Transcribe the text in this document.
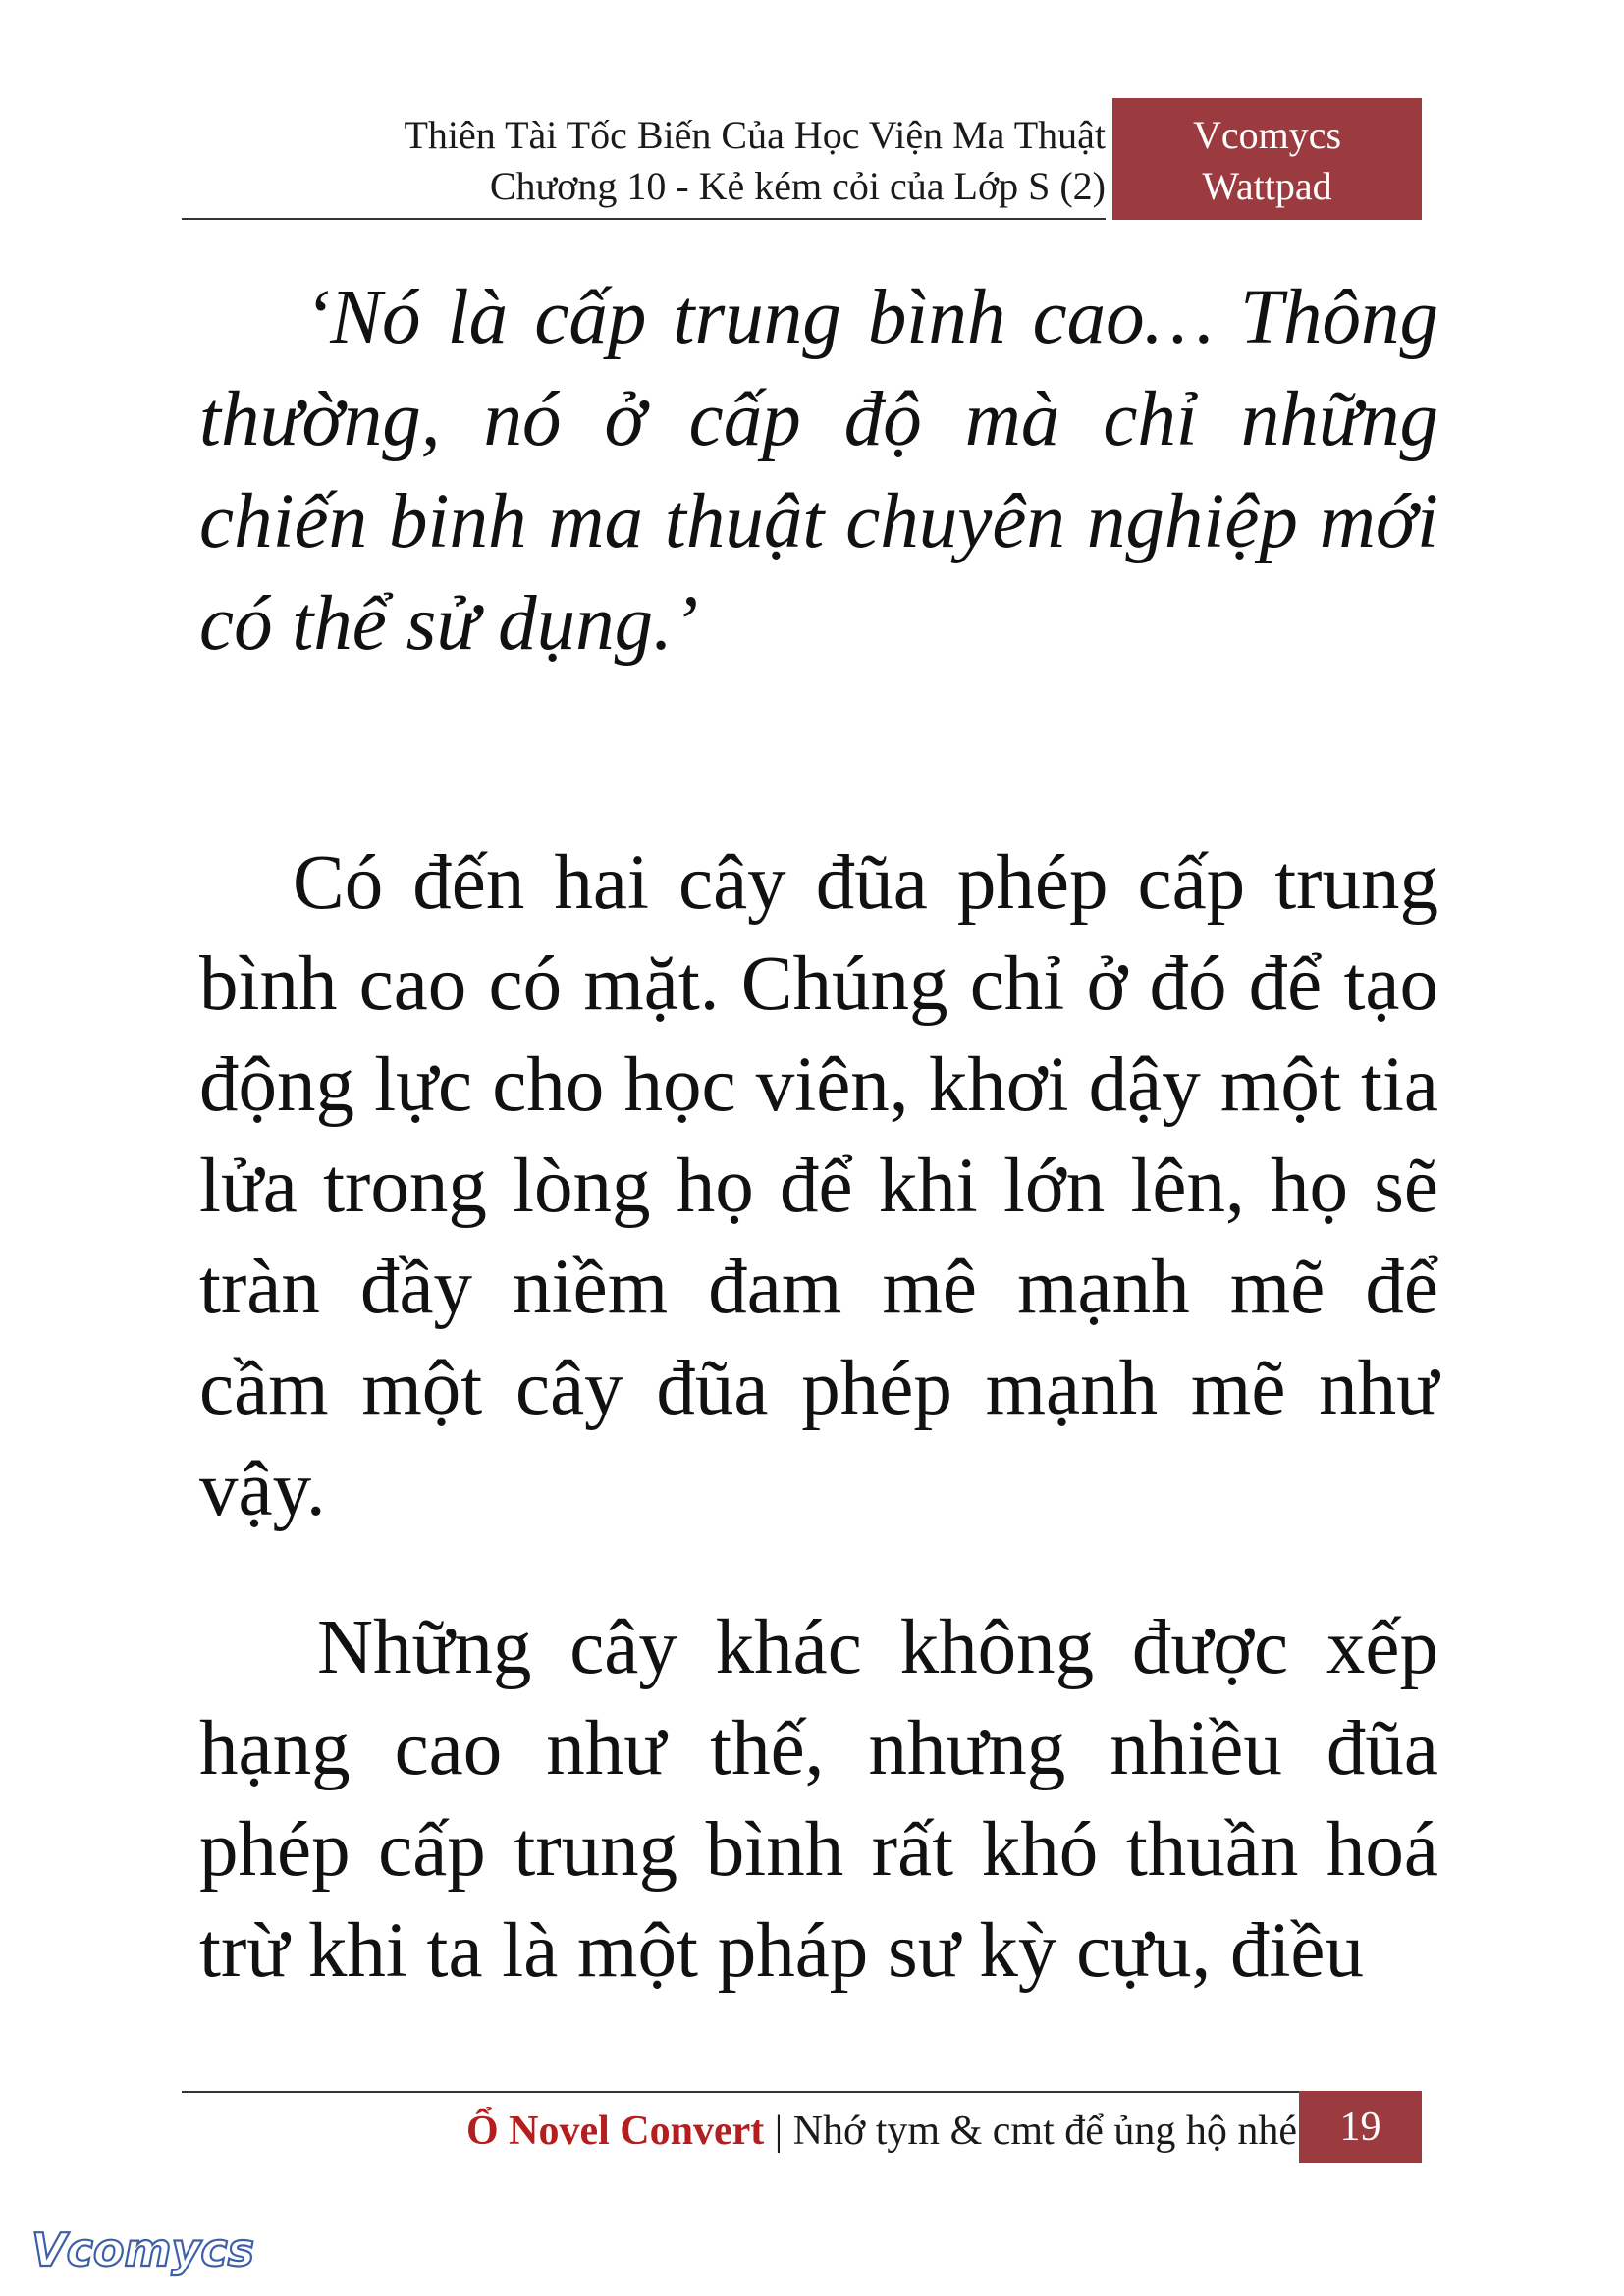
Thiên Tài Tốc Biến Của Học Viện Ma Thuật
Chương 10 - Kẻ kém cỏi của Lớp S (2)
Vcomycs
Wattpad

‘Nó là cấp trung bình cao… Thông thường, nó ở cấp độ mà chỉ những chiến binh ma thuật chuyên nghiệp mới có thể sử dụng.’

Có đến hai cây đũa phép cấp trung bình cao có mặt. Chúng chỉ ở đó để tạo động lực cho học viên, khơi dậy một tia lửa trong lòng họ để khi lớn lên, họ sẽ tràn đầy niềm đam mê mạnh mẽ để cầm một cây đũa phép mạnh mẽ như vậy.

Những cây khác không được xếp hạng cao như thế, nhưng nhiều đũa phép cấp trung bình rất khó thuần hoá trừ khi ta là một pháp sư kỳ cựu, điều

Ổ Novel Convert | Nhớ tym & cmt để ủng hộ nhé	19
Vcomycs
